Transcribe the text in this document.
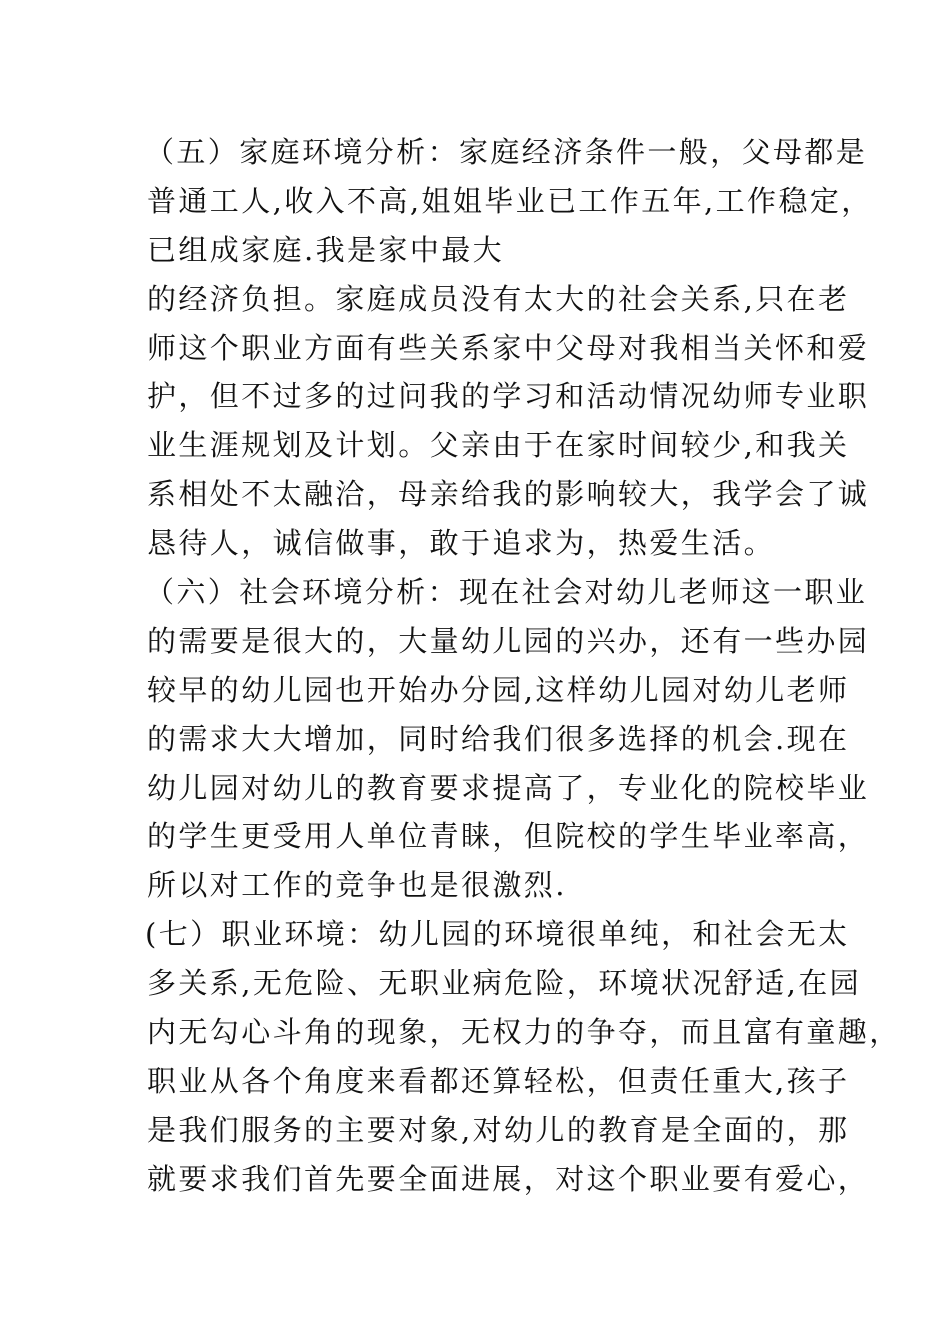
（五）家庭环境分析：家庭经济条件一般，父母都是
普通工人,收入不高,姐姐毕业已工作五年,工作稳定，
已组成家庭.我是家中最大
的经济负担。家庭成员没有太大的社会关系,只在老
师这个职业方面有些关系家中父母对我相当关怀和爱
护，但不过多的过问我的学习和活动情况幼师专业职
业生涯规划及计划。父亲由于在家时间较少,和我关
系相处不太融洽，母亲给我的影响较大，我学会了诚
恳待人，诚信做事，敢于追求为，热爱生活。
（六）社会环境分析：现在社会对幼儿老师这一职业
的需要是很大的，大量幼儿园的兴办，还有一些办园
较早的幼儿园也开始办分园,这样幼儿园对幼儿老师
的需求大大增加，同时给我们很多选择的机会.现在
幼儿园对幼儿的教育要求提高了，专业化的院校毕业
的学生更受用人单位青睐，但院校的学生毕业率高，
所以对工作的竞争也是很激烈.
(七）职业环境：幼儿园的环境很单纯，和社会无太
多关系,无危险、无职业病危险，环境状况舒适,在园
内无勾心斗角的现象，无权力的争夺，而且富有童趣，
职业从各个角度来看都还算轻松，但责任重大,孩子
是我们服务的主要对象,对幼儿的教育是全面的，那
就要求我们首先要全面进展，对这个职业要有爱心，
